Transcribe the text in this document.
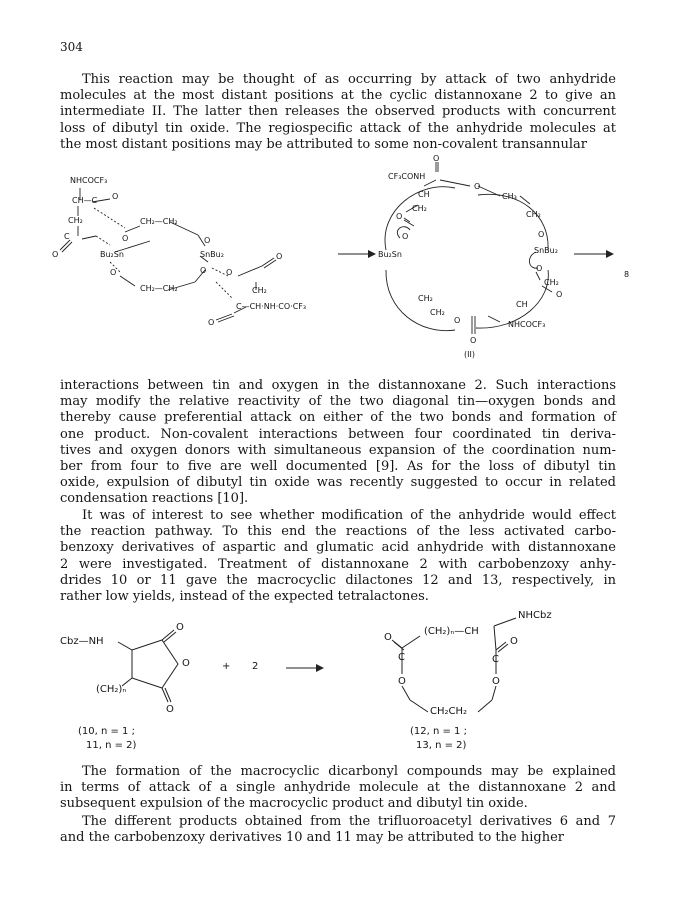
304
This reaction may be thought of as occurring by attack of two anhydride
molecules at the most distant positions at the cyclic distannoxane 2 to give an
intermediate II. The latter then releases the observed products with concurrent
loss of dibutyl tin oxide. The regiospecific attack of the anhydride molecules at
the most distant positions may be attributed to some non-covalent transannular
NHCOCF₃
CH—C O
CH₂
C
O
CH₂—CH₂
O
Bu₂Sn	SnBu₂
O
O	O
O
CH₂—CH₂
O
CH₂
C—CH·NH·CO·CF₃
O
O
CF₃CONH
CH
O
CH₃
CH₂
CH₂
O
O	O
Bu₂Sn	SnBu₂
O
8
CH₂
O
CH₂
CH
CH₂
O	NHCOCF₃
O
(II)
interactions between tin and oxygen in the distannoxane 2. Such interactions
may modify the relative reactivity of the two diagonal tin—oxygen bonds and
thereby cause preferential attack on either of the two bonds and formation of
one product. Non-covalent interactions between four coordinated tin deriva-
tives and oxygen donors with simultaneous expansion of the coordination num-
ber from four to five are well documented [9]. As for the loss of dibutyl tin
oxide, expulsion of dibutyl tin oxide was recently suggested to occur in related
condensation reactions [10].
It was of interest to see whether modification of the anhydride would effect
the reaction pathway. To this end the reactions of the less activated carbo-
benzoxy derivatives of aspartic and glumatic acid anhydride with distannoxane
2 were investigated. Treatment of distannoxane 2 with carbobenzoxy anhy-
drides 10 or 11 gave the macrocyclic dilactones 12 and 13, respectively, in
rather low yields, instead of the expected tetralactones.
Cbz—NH
O
O
(CH₂)ₙ
O
+ 2
NHCbz
(CH₂)ₙ—CH
O	O
C	C
O	O
CH₂CH₂
(10, n = 1 ;
11, n = 2)
(12, n = 1 ;
13, n = 2)
The formation of the macrocyclic dicarbonyl compounds may be explained
in terms of attack of a single anhydride molecule at the distannoxane 2 and
subsequent expulsion of the macrocyclic product and dibutyl tin oxide.
The different products obtained from the trifluoroacetyl derivatives 6 and 7
and the carbobenzoxy derivatives 10 and 11 may be attributed to the higher
